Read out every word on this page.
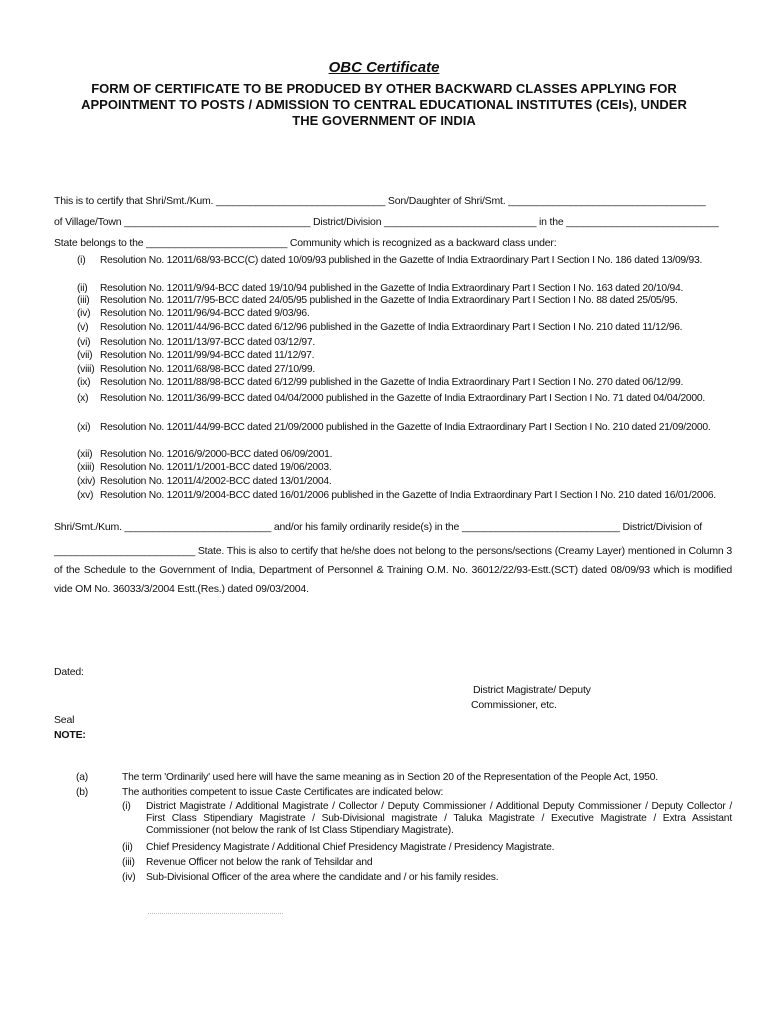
OBC Certificate
FORM OF CERTIFICATE TO BE PRODUCED BY OTHER BACKWARD CLASSES APPLYING FOR APPOINTMENT TO POSTS / ADMISSION TO CENTRAL EDUCATIONAL INSTITUTES (CEIs), UNDER THE GOVERNMENT OF INDIA
This is to certify that Shri/Smt./Kum. ______________________________ Son/Daughter of Shri/Smt. ___________________________________
of Village/Town _________________________________ District/Division ___________________________ in the ___________________________
State belongs to the _________________________ Community which is recognized as a backward class under:
(i) Resolution No. 12011/68/93-BCC(C) dated 10/09/93 published in the Gazette of India Extraordinary Part I Section I No. 186 dated 13/09/93.
(ii) Resolution No. 12011/9/94-BCC dated 19/10/94 published in the Gazette of India Extraordinary Part I Section I No. 163 dated 20/10/94.
(iii) Resolution No. 12011/7/95-BCC dated 24/05/95 published in the Gazette of India Extraordinary Part I Section I No. 88 dated 25/05/95.
(iv) Resolution No. 12011/96/94-BCC dated 9/03/96.
(v) Resolution No. 12011/44/96-BCC dated 6/12/96 published in the Gazette of India Extraordinary Part I Section I No. 210 dated 11/12/96.
(vi) Resolution No. 12011/13/97-BCC dated 03/12/97.
(vii) Resolution No. 12011/99/94-BCC dated 11/12/97.
(viii) Resolution No. 12011/68/98-BCC dated 27/10/99.
(ix) Resolution No. 12011/88/98-BCC dated 6/12/99 published in the Gazette of India Extraordinary Part I Section I No. 270 dated 06/12/99.
(x) Resolution No. 12011/36/99-BCC dated 04/04/2000 published in the Gazette of India Extraordinary Part I Section I No. 71 dated 04/04/2000.
(xi) Resolution No. 12011/44/99-BCC dated 21/09/2000 published in the Gazette of India Extraordinary Part I Section I No. 210 dated 21/09/2000.
(xii) Resolution No. 12016/9/2000-BCC dated 06/09/2001.
(xiii) Resolution No. 12011/1/2001-BCC dated 19/06/2003.
(xiv) Resolution No. 12011/4/2002-BCC dated 13/01/2004.
(xv) Resolution No. 12011/9/2004-BCC dated 16/01/2006 published in the Gazette of India Extraordinary Part I Section I No. 210 dated 16/01/2006.
Shri/Smt./Kum. __________________________ and/or his family ordinarily reside(s) in the ____________________________ District/Division of
_________________________ State. This is also to certify that he/she does not belong to the persons/sections (Creamy Layer) mentioned in Column 3 of the Schedule to the Government of India, Department of Personnel & Training O.M. No. 36012/22/93-Estt.(SCT) dated 08/09/93 which is modified vide OM No. 36033/3/2004 Estt.(Res.) dated 09/03/2004.
Dated:
District Magistrate/ Deputy
Commissioner, etc.
Seal
NOTE:
(a)	The term 'Ordinarily' used here will have the same meaning as in Section 20 of the Representation of the People Act, 1950.
(b)	The authorities competent to issue Caste Certificates are indicated below:
(i) District Magistrate / Additional Magistrate / Collector / Deputy Commissioner / Additional Deputy Commissioner / Deputy Collector / First Class Stipendiary Magistrate / Sub-Divisional magistrate / Taluka Magistrate / Executive Magistrate / Extra Assistant Commissioner (not below the rank of Ist Class Stipendiary Magistrate).
(ii) Chief Presidency Magistrate / Additional Chief Presidency Magistrate / Presidency Magistrate.
(iii) Revenue Officer not below the rank of Tehsildar and
(iv) Sub-Divisional Officer of the area where the candidate and / or his family resides.
